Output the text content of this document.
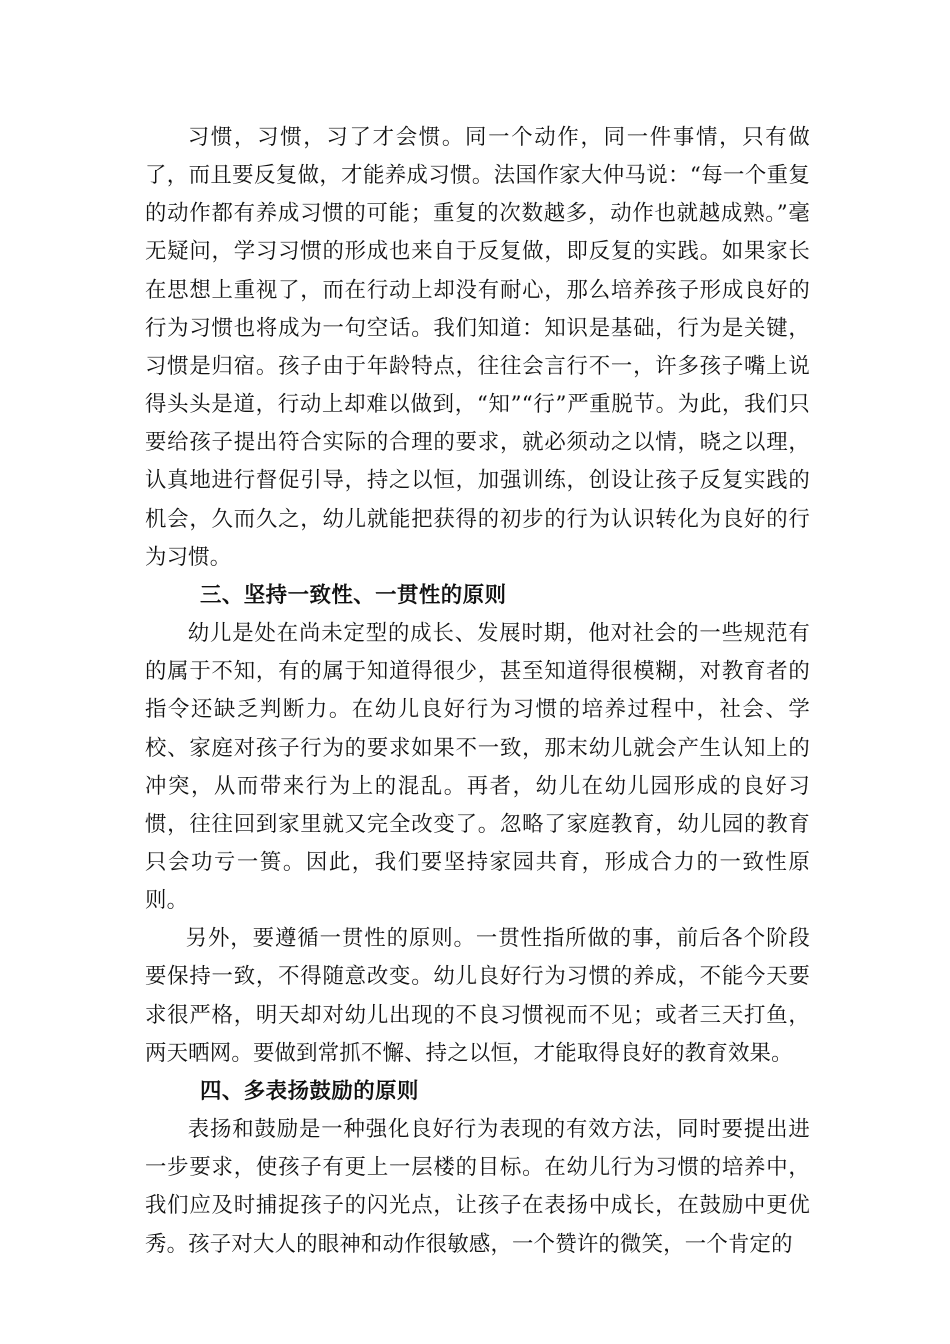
习惯，习惯，习了才会惯。同一个动作，同一件事情，只有做了，而且要反复做，才能养成习惯。法国作家大仲马说：“每一个重复的动作都有养成习惯的可能；重复的次数越多，动作也就越成熟。”毫无疑问，学习习惯的形成也来自于反复做，即反复的实践。如果家长在思想上重视了，而在行动上却没有耐心，那么培养孩子形成良好的行为习惯也将成为一句空话。我们知道：知识是基础，行为是关键，习惯是归宿。孩子由于年龄特点，往往会言行不一，许多孩子嘴上说得头头是道，行动上却难以做到，“知”“行”严重脱节。为此，我们只要给孩子提出符合实际的合理的要求，就必须动之以情，晓之以理，认真地进行督促引导，持之以恒，加强训练，创设让孩子反复实践的机会，久而久之，幼儿就能把获得的初步的行为认识转化为良好的行为习惯。

三、坚持一致性、一贯性的原则

幼儿是处在尚未定型的成长、发展时期，他对社会的一些规范有的属于不知，有的属于知道得很少，甚至知道得很模糊，对教育者的指令还缺乏判断力。在幼儿良好行为习惯的培养过程中，社会、学校、家庭对孩子行为的要求如果不一致，那末幼儿就会产生认知上的冲突，从而带来行为上的混乱。再者，幼儿在幼儿园形成的良好习惯，往往回到家里就又完全改变了。忽略了家庭教育，幼儿园的教育只会功亏一篑。因此，我们要坚持家园共育，形成合力的一致性原则。

另外，要遵循一贯性的原则。一贯性指所做的事，前后各个阶段要保持一致，不得随意改变。幼儿良好行为习惯的养成，不能今天要求很严格，明天却对幼儿出现的不良习惯视而不见；或者三天打鱼，两天晒网。要做到常抓不懈、持之以恒，才能取得良好的教育效果。

四、多表扬鼓励的原则

表扬和鼓励是一种强化良好行为表现的有效方法，同时要提出进一步要求，使孩子有更上一层楼的目标。在幼儿行为习惯的培养中，我们应及时捕捉孩子的闪光点，让孩子在表扬中成长，在鼓励中更优秀。孩子对大人的眼神和动作很敏感，一个赞许的微笑，一个肯定的
